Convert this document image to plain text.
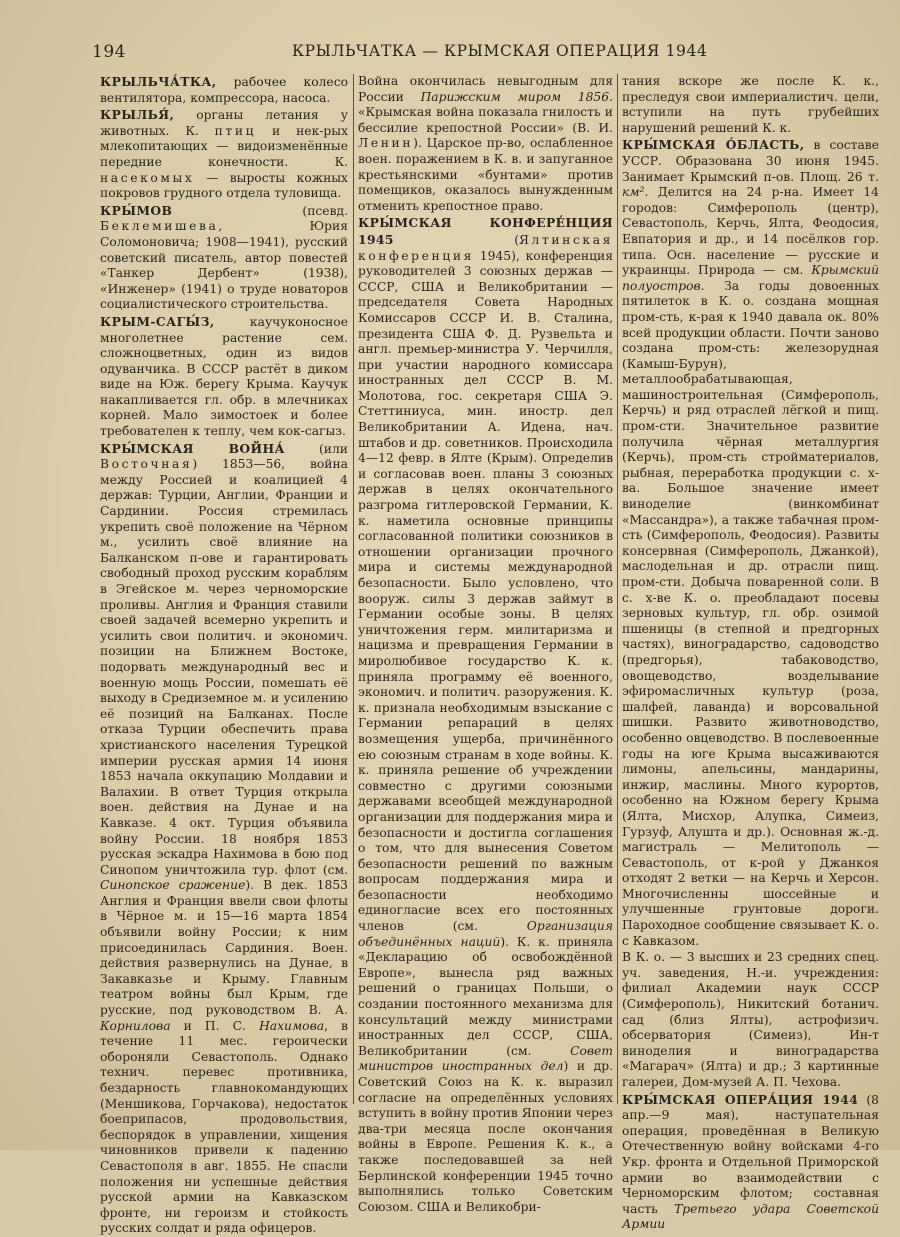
194	КРЫЛЬЧАТКА — КРЫМСКАЯ ОПЕРАЦИЯ 1944

КРЫЛЬЧА́ТКА, рабочее колесо вентилятора, компрессора, насоса.

КРЫЛЬЯ́, органы летания у животных. К. птиц и нек-рых млекопитающих — видоизменённые передние конечности. К. насекомых — выросты кожных покровов грудного отдела туловища.

КРЫ́МОВ (псевд. Беклемишева, Юрия Соломоновича; 1908—1941), русский советский писатель, автор повестей «Танкер Дербент» (1938), «Инженер» (1941) о труде новаторов социалистического строительства.

КРЫМ-САГЫ́З,	каучуконосное многолетнее растение сем. сложноцветных, один из видов одуванчика. В СССР растёт в диком виде на Юж. берегу Крыма. Каучук накапливается гл. обр. в млечниках корней. Мало зимостоек и более требователен к теплу, чем кок-сагыз.

КРЫ́МСКАЯ ВОЙНА́ (или Восточная) 1853—56, война между Россией и коалицией 4 держав: Турции, Англии, Франции и Сардинии. Россия стремилась укрепить своё положение на Чёрном м., усилить своё влияние на Балканском п-ове и гарантировать свободный проход русским кораблям в Эгейское м. через черноморские проливы. Англия и Франция ставили своей задачей всемерно укрепить и усилить свои политич. и экономич. позиции на Ближнем Востоке, подорвать международный вес и военную мощь России, помешать её выходу в Средиземное м. и усилению её позиций на Балканах. После отказа Турции обеспечить права христианского населения Турецкой империи русская армия 14 июня 1853 начала оккупацию Молдавии и Валахии. В ответ Турция открыла воен. действия на Дунае и на Кавказе. 4 окт. Турция объявила войну России. 18 ноября 1853 русская эскадра Нахимова в бою под Синопом уничтожила тур. флот (см. Синопское сражение). В дек. 1853 Англия и Франция ввели свои флоты в Чёрное м. и 15—16 марта 1854 объявили войну России; к ним присоединилась Сардиния. Воен. действия развернулись на Дунае, в Закавказье и Крыму. Главным театром войны был Крым, где русские, под руководством В. А. Корнилова и П. С. Нахимова, в течение 11 мес. героически обороняли Севастополь. Однако технич. перевес противника, бездарность главнокомандующих (Меншикова, Горчакова), недостаток боеприпасов, продовольствия, беспорядок в управлении, хищения чиновников привели к падению Севастополя в авг. 1855. Не спасли положения ни успешные действия русской армии на Кавказском фронте, ни героизм и стойкость русских солдат и ряда офицеров.

Война окончилась невыгодным для России Парижским миром 1856. «Крымская война показала гнилость и бессилие крепостной России» (В. И. Ленин). Царское пр-во, ослабленное воен. поражением в К. в. и запуганное крестьянскими «бунтами» против помещиков, оказалось вынужденным отменить крепостное право.

КРЫ́МСКАЯ КОНФЕРЕ́НЦИЯ 1945 (Ялтинская конференция 1945), конференция руководителей 3 союзных держав — СССР, США и Великобритании — председателя Совета Народных Комиссаров СССР И. В. Сталина, президента США Ф. Д. Рузвельта и англ. премьер-министра У. Черчилля, при участии народного комиссара иностранных дел СССР В. М. Молотова, гос. секретаря США Э. Стеттиниуса, мин. иностр. дел Великобритании А. Идена, нач. штабов и др. советников. Происходила 4—12 февр. в Ялте (Крым). Определив и согласовав воен. планы 3 союзных держав в целях окончательного разгрома гитлеровской Германии, К. к. наметила основные принципы согласованной политики союзников в отношении организации прочного мира и системы международной безопасности. Было условлено, что вооруж. силы 3 держав займут в Германии особые зоны. В целях уничтожения герм. милитаризма и нацизма и превращения Германии в миролюбивое государство К. к. приняла программу её военного, экономич. и политич. разоружения. К. к. признала необходимым взыскание с Германии репараций в целях возмещения ущерба, причинённого ею союзным странам в ходе войны. К. к. приняла решение об учреждении совместно с другими союзными державами всеобщей международной организации для поддержания мира и безопасности и достигла соглашения о том, что для вынесения Советом безопасности решений по важным вопросам поддержания мира и безопасности необходимо единогласие всех его постоянных членов (см. Организация объединённых наций). К. к. приняла «Декларацию об освобождённой Европе», вынесла ряд важных решений о границах Польши, о создании постоянного механизма для консультаций между министрами иностранных дел СССР, США, Великобритании (см. Совет министров иностранных дел) и др. Советский Союз на К. к. выразил согласие на определённых условиях вступить в войну против Японии через два-три месяца после окончания войны в Европе. Решения К. к., а также последовавшей за ней Берлинской конференции 1945 точно выполнялись только Советским Союзом. США и Великобри-

тания вскоре же после К. к., преследуя свои империалистич. цели, вступили на путь грубейших нарушений решений К. к.

КРЫ́МСКАЯ О́БЛАСТЬ, в составе УССР. Образована 30 июня 1945. Занимает Крымский п-ов. Площ. 26 т. км². Делится на 24 р-на. Имеет 14 городов: Симферополь (центр), Севастополь, Керчь, Ялта, Феодосия, Евпатория и др., и 14 посёлков гор. типа. Осн. население — русские и украинцы. Природа — см. Крымский полуостров. За годы довоенных пятилеток в К. о. создана мощная пром-сть, к-рая к 1940 давала ок. 80% всей продукции области. Почти заново создана пром-сть: железорудная (Камыш-Бурун), металлообрабатывающая, машиностроительная (Симферополь, Керчь) и ряд отраслей лёгкой и пищ. пром-сти. Значительное развитие получила чёрная металлургия (Керчь), пром-сть стройматериалов, рыбная, переработка продукции с. х-ва. Большое значение имеет виноделие (винкомбинат «Массандра»), а также табачная пром-сть (Симферополь, Феодосия). Развиты консервная (Симферополь, Джанкой), маслодельная и др. отрасли пищ. пром-сти. Добыча поваренной соли. В с. х-ве К. о. преобладают посевы зерновых культур, гл. обр. озимой пшеницы (в степной и предгорных частях), виноградарство, садоводство (предгорья), табаководство, овощеводство, возделывание эфиромасличных культур (роза, шалфей, лаванда) и ворсовальной шишки. Развито животноводство, особенно овцеводство. В послевоенные годы на юге Крыма высаживаются лимоны, апельсины, мандарины, инжир, маслины. Много курортов, особенно на Южном берегу Крыма (Ялта, Мисхор, Алупка, Симеиз, Гурзуф, Алушта и др.). Основная ж.-д. магистраль — Мелитополь — Севастополь, от к-рой у Джанкоя отходят 2 ветки — на Керчь и Херсон. Многочисленны шоссейные и улучшенные грунтовые дороги. Пароходное сообщение связывает К. о. с Кавказом.

В К. о. — 3 высших и 23 средних спец. уч. заведения, Н.-и. учреждения: филиал Академии наук СССР (Симферополь), Никитский ботанич. сад (близ Ялты), астрофизич. обсерватория (Симеиз), Ин-т виноделия и виноградарства «Магарач» (Ялта) и др.; 3 картинные галереи, Дом-музей А. П. Чехова.

КРЫ́МСКАЯ ОПЕРА́ЦИЯ 1944 (8 апр.—9 мая), наступательная операция, проведённая в Великую Отечественную войну войсками 4-го Укр. фронта и Отдельной Приморской армии во взаимодействии с Черноморским флотом; составная часть Третьего удара Советской Армии
